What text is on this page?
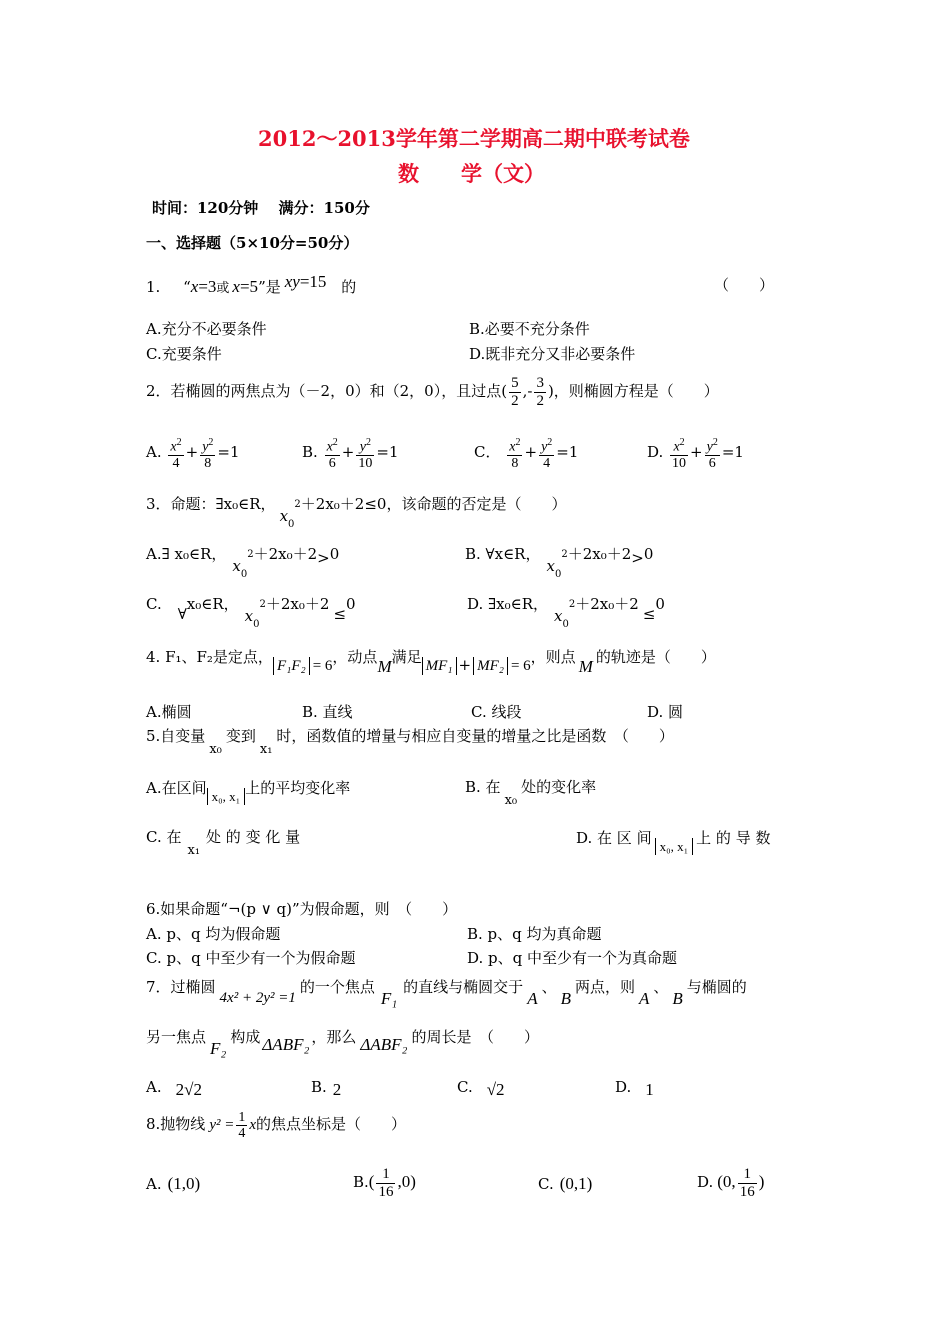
2012～2013学年第二学期高二期中联考试卷
数　　学（文）
时间：120分钟　 满分：150分
一、选择题（5×10分=50分）
1. “x=3或 x=5”是 xy=15 的	（　　）
A.充分不必要条件	B.必要不充分条件
C.充要条件	D.既非充分又非必要条件
2．若椭圆的两焦点为（－2，0）和（2，0），且过点( $\frac{5}{2}$ ,- $\frac{3}{2}$ )，则椭圆方程是（　　）
A. $\frac{x^2}{4} + \frac{y^2}{8} =1$	B. $\frac{x^2}{6} + \frac{y^2}{10} =1$	C． $\frac{x^2}{8} + \frac{y^2}{4} =1$	D. $\frac{x^2}{10} + \frac{y^2}{6} =1$
3．命题：∃x₀∈R，$x_0^2+2x_0+2\le 0$，该命题的否定是（　　）
A.∃ x₀∈R，$x_0^2+2x_0+2>0$	B. ∀x∈R，$x_0^2+2x_0+2>0$
C.∀x₀∈R，$x_0^2+2x_0+2\le 0$	D. ∃x₀∈R，$x_0^2+2x_0+2\le 0$
4. F₁、F₂是定点， F₁F₂ = 6，动点M满足 MF₁ + MF₂ = 6，则点 M 的轨迹是（　　）
A.椭圆	B. 直线	C. 线段	D. 圆
5.自变量x₀变到x₁时，函数值的增量与相应自变量的增量之比是函数　（　　）
A.在区间 x₀, x₁ 上的平均变化率	B. 在x₀处的变化率
C. 在x₁处 的 变 化 量	D. 在 区 间 x₀, x₁ 上 的 导 数
6.如果命题“¬(p ∨ q)”为假命题，则　（　　）
A. p、q 均为假命题	B. p、q 均为真命题
C. p、q 中至少有一个为假命题	D. p、q 中至少有一个为真命题
7．过椭圆4x² + 2y² =1的一个焦点F₁的直线与椭圆交于A、B两点，则A、B与椭圆的
另一焦点F₂构成 ΔABF₂ ，那么 ΔABF₂ 的周长是　（　　）
A. 2√2	B. 2	C. √2	D. 1
8.抛物线 $y^2 = \frac{1}{4}$ x的焦点坐标是（　　）
A. (1,0)	$B.( \frac{1}{16} ,0)$	C. (0,1)	D. (0, $\frac{1}{16}$ )
